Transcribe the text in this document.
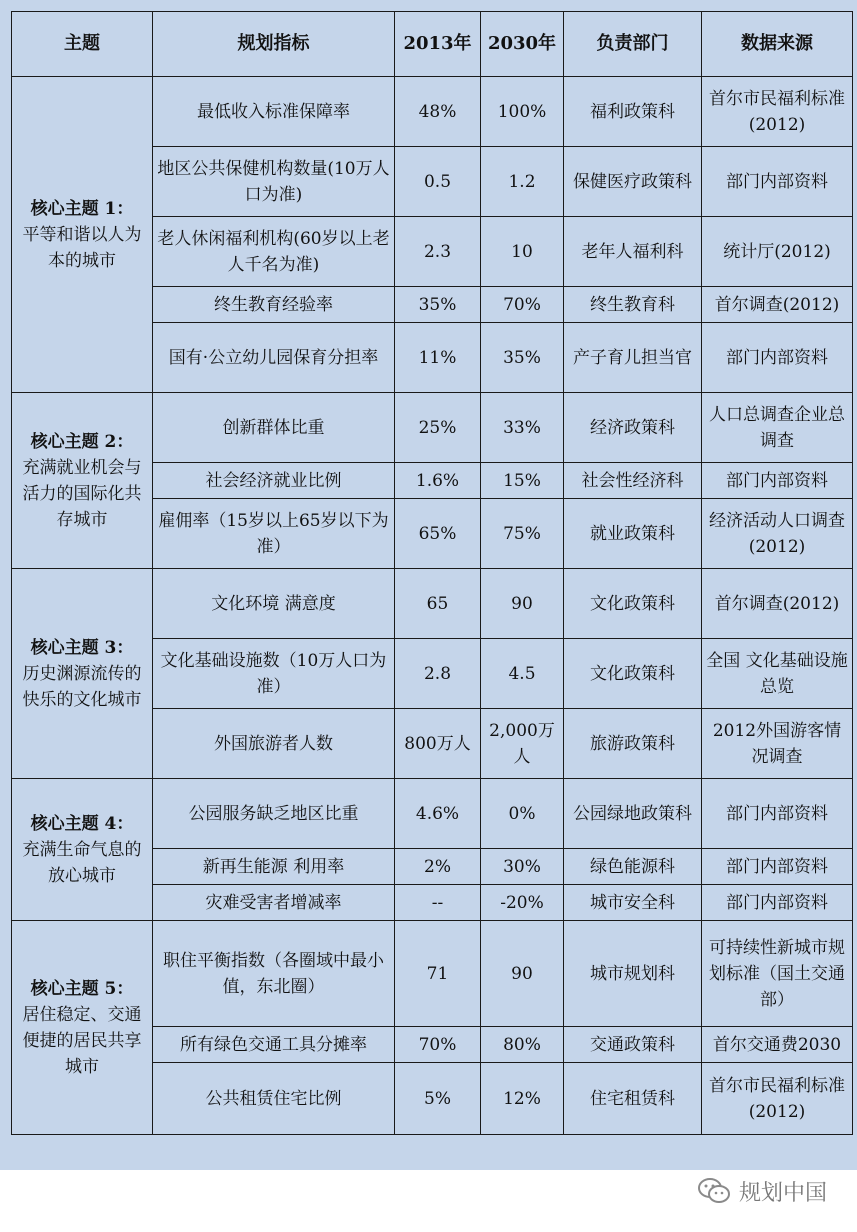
主题	规划指标	2013年	2030年	负责部门	数据来源

核心主题 1：
平等和谐以人为本的城市	最低收入标准保障率	48%	100%	福利政策科	首尔市民福利标准(2012)
	地区公共保健机构数量(10万人口为准)	0.5	1.2	保健医疗政策科	部门内部资料
	老人休闲福利机构(60岁以上老人千名为准)	2.3	10	老年人福利科	统计厅(2012)
	终生教育经验率	35%	70%	终生教育科	首尔调查(2012)
	国有·公立幼儿园保育分担率	11%	35%	产子育儿担当官	部门内部资料

核心主题 2：
充满就业机会与活力的国际化共存城市	创新群体比重	25%	33%	经济政策科	人口总调查企业总调查
	社会经济就业比例	1.6%	15%	社会性经济科	部门内部资料
	雇佣率（15岁以上65岁以下为准）	65%	75%	就业政策科	经济活动人口调查(2012)

核心主题 3：
历史渊源流传的快乐的文化城市	文化环境 满意度	65	90	文化政策科	首尔调查(2012)
	文化基础设施数（10万人口为准）	2.8	4.5	文化政策科	全国 文化基础设施 总览
	外国旅游者人数	800万人	2,000万人	旅游政策科	2012外国游客情况调查

核心主题 4：
充满生命气息的放心城市	公园服务缺乏地区比重	4.6%	0%	公园绿地政策科	部门内部资料
	新再生能源 利用率	2%	30%	绿色能源科	部门内部资料
	灾难受害者增减率	--	-20%	城市安全科	部门内部资料

核心主题 5：
居住稳定、交通便捷的居民共享城市	职住平衡指数（各圈域中最小值，东北圈）	71	90	城市规划科	可持续性新城市规划标准（国土交通部）
	所有绿色交通工具分摊率	70%	80%	交通政策科	首尔交通费2030
	公共租赁住宅比例	5%	12%	住宅租赁科	首尔市民福利标准(2012)
规划中国
